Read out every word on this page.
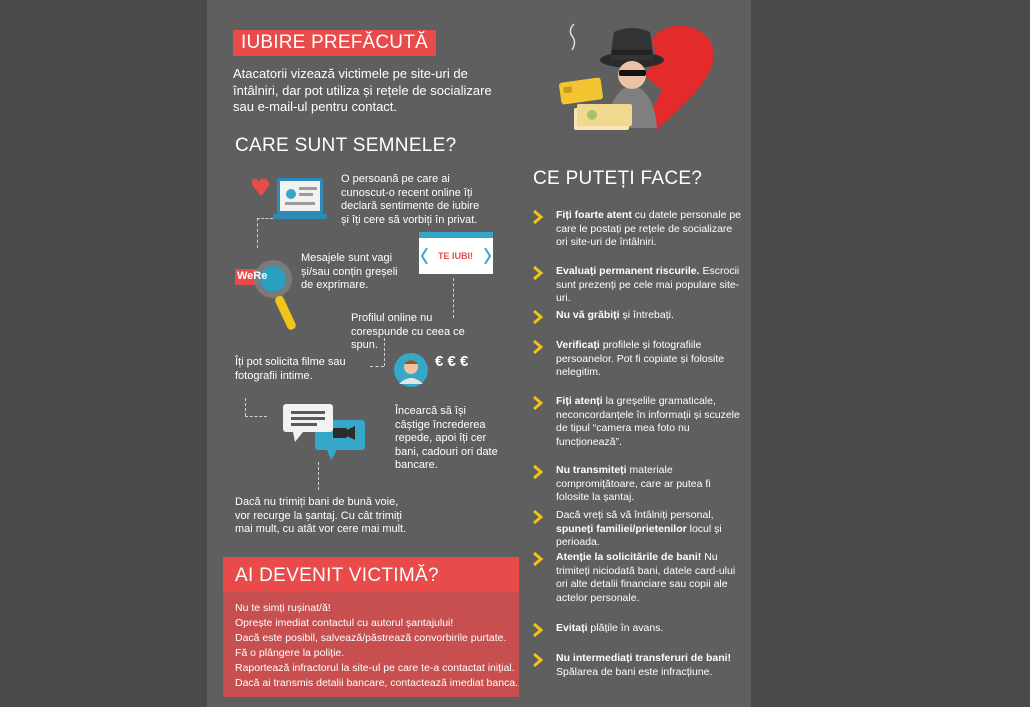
IUBIRE PREFĂCUTĂ
Atacatorii vizează victimele pe site-uri de întâlniri, dar pot utiliza și rețele de socializare sau e-mail-ul pentru contact.
CARE SUNT SEMNELE?
O persoană pe care ai cunoscut-o recent online îți declară sentimente de iubire și îți cere să vorbiți în privat.
WeRe
Mesajele sunt vagi și/sau conțin greșeli de exprimare.
TE IUBI!
Profilul online nu corespunde cu ceea ce spun.
€ € €
Îți pot solicita filme sau fotografii intime.
Încearcă să își câștige încrederea repede, apoi îți cer bani, cadouri ori date bancare.
Dacă nu trimiți bani de bună voie, vor recurge la șantaj. Cu cât trimiți mai mult, cu atât vor cere mai mult.
AI DEVENIT VICTIMĂ?
Nu te simți rușinat/ă!
Oprește imediat contactul cu autorul șantajului!
Dacă este posibil, salvează/păstrează convorbirile purtate.
Fă o plângere la poliție.
Raportează infractorul la site-ul pe care te-a contactat inițial.
Dacă ai transmis detalii bancare, contactează imediat banca.
CE PUTEȚI FACE?
Fiți foarte atent cu datele personale pe care le postați pe rețele de socializare ori site-uri de întâlniri.
Evaluați permanent riscurile. Escrocii sunt prezenți pe cele mai populare site-uri.
Nu vă grăbiți și întrebați.
Verificați profilele și fotografiile persoanelor. Pot fi copiate și folosite nelegitim.
Fiți atenți la greșelile gramaticale, neconcordanțele în informații și scuzele de tipul “camera mea foto nu funcționează”.
Nu transmiteți materiale compromițătoare, care ar putea fi folosite la șantaj.
Dacă vreți să vă întâlniți personal, spuneți familiei/prietenilor locul și perioada.
Atenție la solicitările de bani! Nu trimiteți niciodată bani, datele card-ului ori alte detalii financiare sau copii ale actelor personale.
Evitați plățile în avans.
Nu intermediați transferuri de bani! Spălarea de bani este infracțiune.
